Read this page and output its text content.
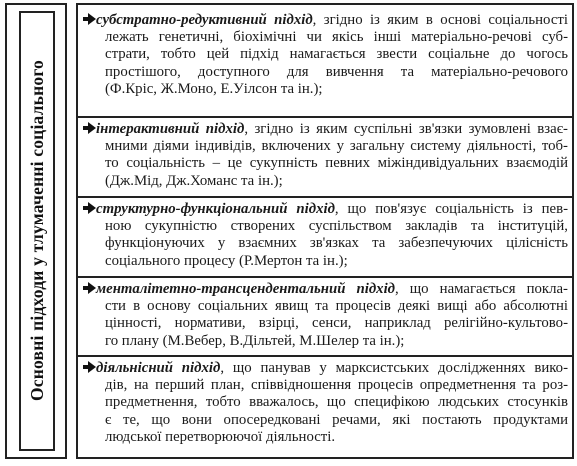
Основні підходи у тлумаченні соціального
субстратно-редуктивний підхід, згідно із яким в основі соціальності
лежать генетичні, біохімічні чи якісь інші матеріально-речові суб-
страти, тобто цей підхід намагається звести соціальне до чогось
простішого, доступного для вивчення та матеріально-речового
(Ф.Кріс, Ж.Моно, Е.Уілсон та ін.);
інтерактивний підхід, згідно із яким суспільні зв'язки зумовлені взає-
мними діями індивідів, включених у загальну систему діяльності, тоб-
то соціальність – це сукупність певних міжіндивідуальних взаємодій
(Дж.Мід, Дж.Хоманс та ін.);
структурно-функціональний підхід, що пов'язує соціальність із пев-
ною сукупністю створених суспільством закладів та інституцій,
функціонуючих у взаємних зв'язках та забезпечуючих цілісність
соціального процесу (Р.Мертон та ін.);
менталітетно-трансцендентальний підхід, що намагається покла-
сти в основу соціальних явищ та процесів деякі вищі або абсолютні
цінності, нормативи, взірці, сенси, наприклад релігійно-культово-
го плану (М.Вебер, В.Дільтей, М.Шелер та ін.);
діяльнісний підхід, що панував у марксистських дослідженнях вико-
дів, на перший план, співвідношення процесів опредметнення та роз-
предметнення, тобто вважалось, що специфікою людських стосунків
є те, що вони опосередковані речами, які постають продуктами
людської перетворюючої діяльності.
